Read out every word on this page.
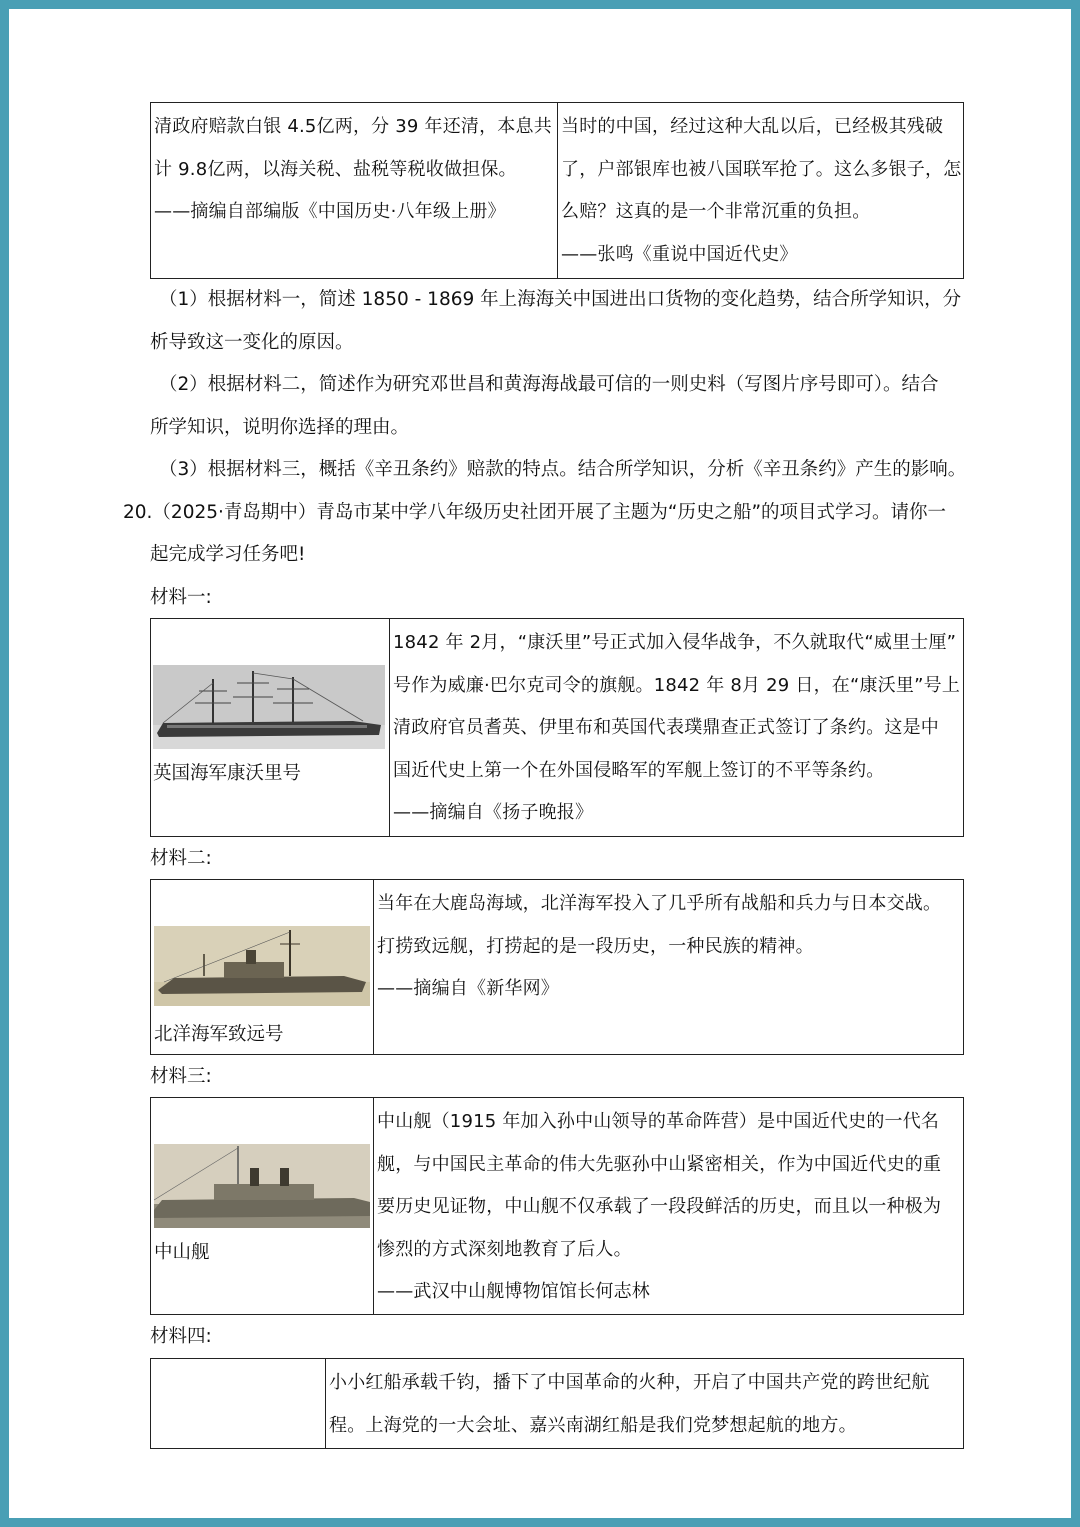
清政府赔款白银 4.5亿两，分 39 年还清，本息共
计 9.8亿两，以海关税、盐税等税收做担保。
——摘编自部编版《中国历史·八年级上册》

当时的中国，经过这种大乱以后，已经极其残破
了，户部银库也被八国联军抢了。这么多银子，怎
么赔？这真的是一个非常沉重的负担。
——张鸣《重说中国近代史》
（1）根据材料一，简述 1850 - 1869 年上海海关中国进出口货物的变化趋势，结合所学知识，分
析导致这一变化的原因。
（2）根据材料二，简述作为研究邓世昌和黄海海战最可信的一则史料（写图片序号即可）。结合
所学知识，说明你选择的理由。
（3）根据材料三，概括《辛丑条约》赔款的特点。结合所学知识，分析《辛丑条约》产生的影响。
20.（2025·青岛期中）青岛市某中学八年级历史社团开展了主题为“历史之船”的项目式学习。请你一
起完成学习任务吧!
材料一:
英国海军康沃里号

1842 年 2月，“康沃里”号正式加入侵华战争，不久就取代“威里士厘”
号作为威廉·巴尔克司令的旗舰。1842 年 8月 29 日，在“康沃里”号上
清政府官员耆英、伊里布和英国代表璞鼎查正式签订了条约。这是中
国近代史上第一个在外国侵略军的军舰上签订的不平等条约。
——摘编自《扬子晚报》
材料二:
北洋海军致远号

当年在大鹿岛海域，北洋海军投入了几乎所有战船和兵力与日本交战。
打捞致远舰，打捞起的是一段历史，一种民族的精神。
——摘编自《新华网》
材料三:
中山舰

中山舰（1915 年加入孙中山领导的革命阵营）是中国近代史的一代名
舰，与中国民主革命的伟大先驱孙中山紧密相关，作为中国近代史的重
要历史见证物，中山舰不仅承载了一段段鲜活的历史，而且以一种极为
惨烈的方式深刻地教育了后人。
——武汉中山舰博物馆馆长何志林
材料四:

小小红船承载千钧，播下了中国革命的火种，开启了中国共产党的跨世纪航
程。上海党的一大会址、嘉兴南湖红船是我们党梦想起航的地方。
